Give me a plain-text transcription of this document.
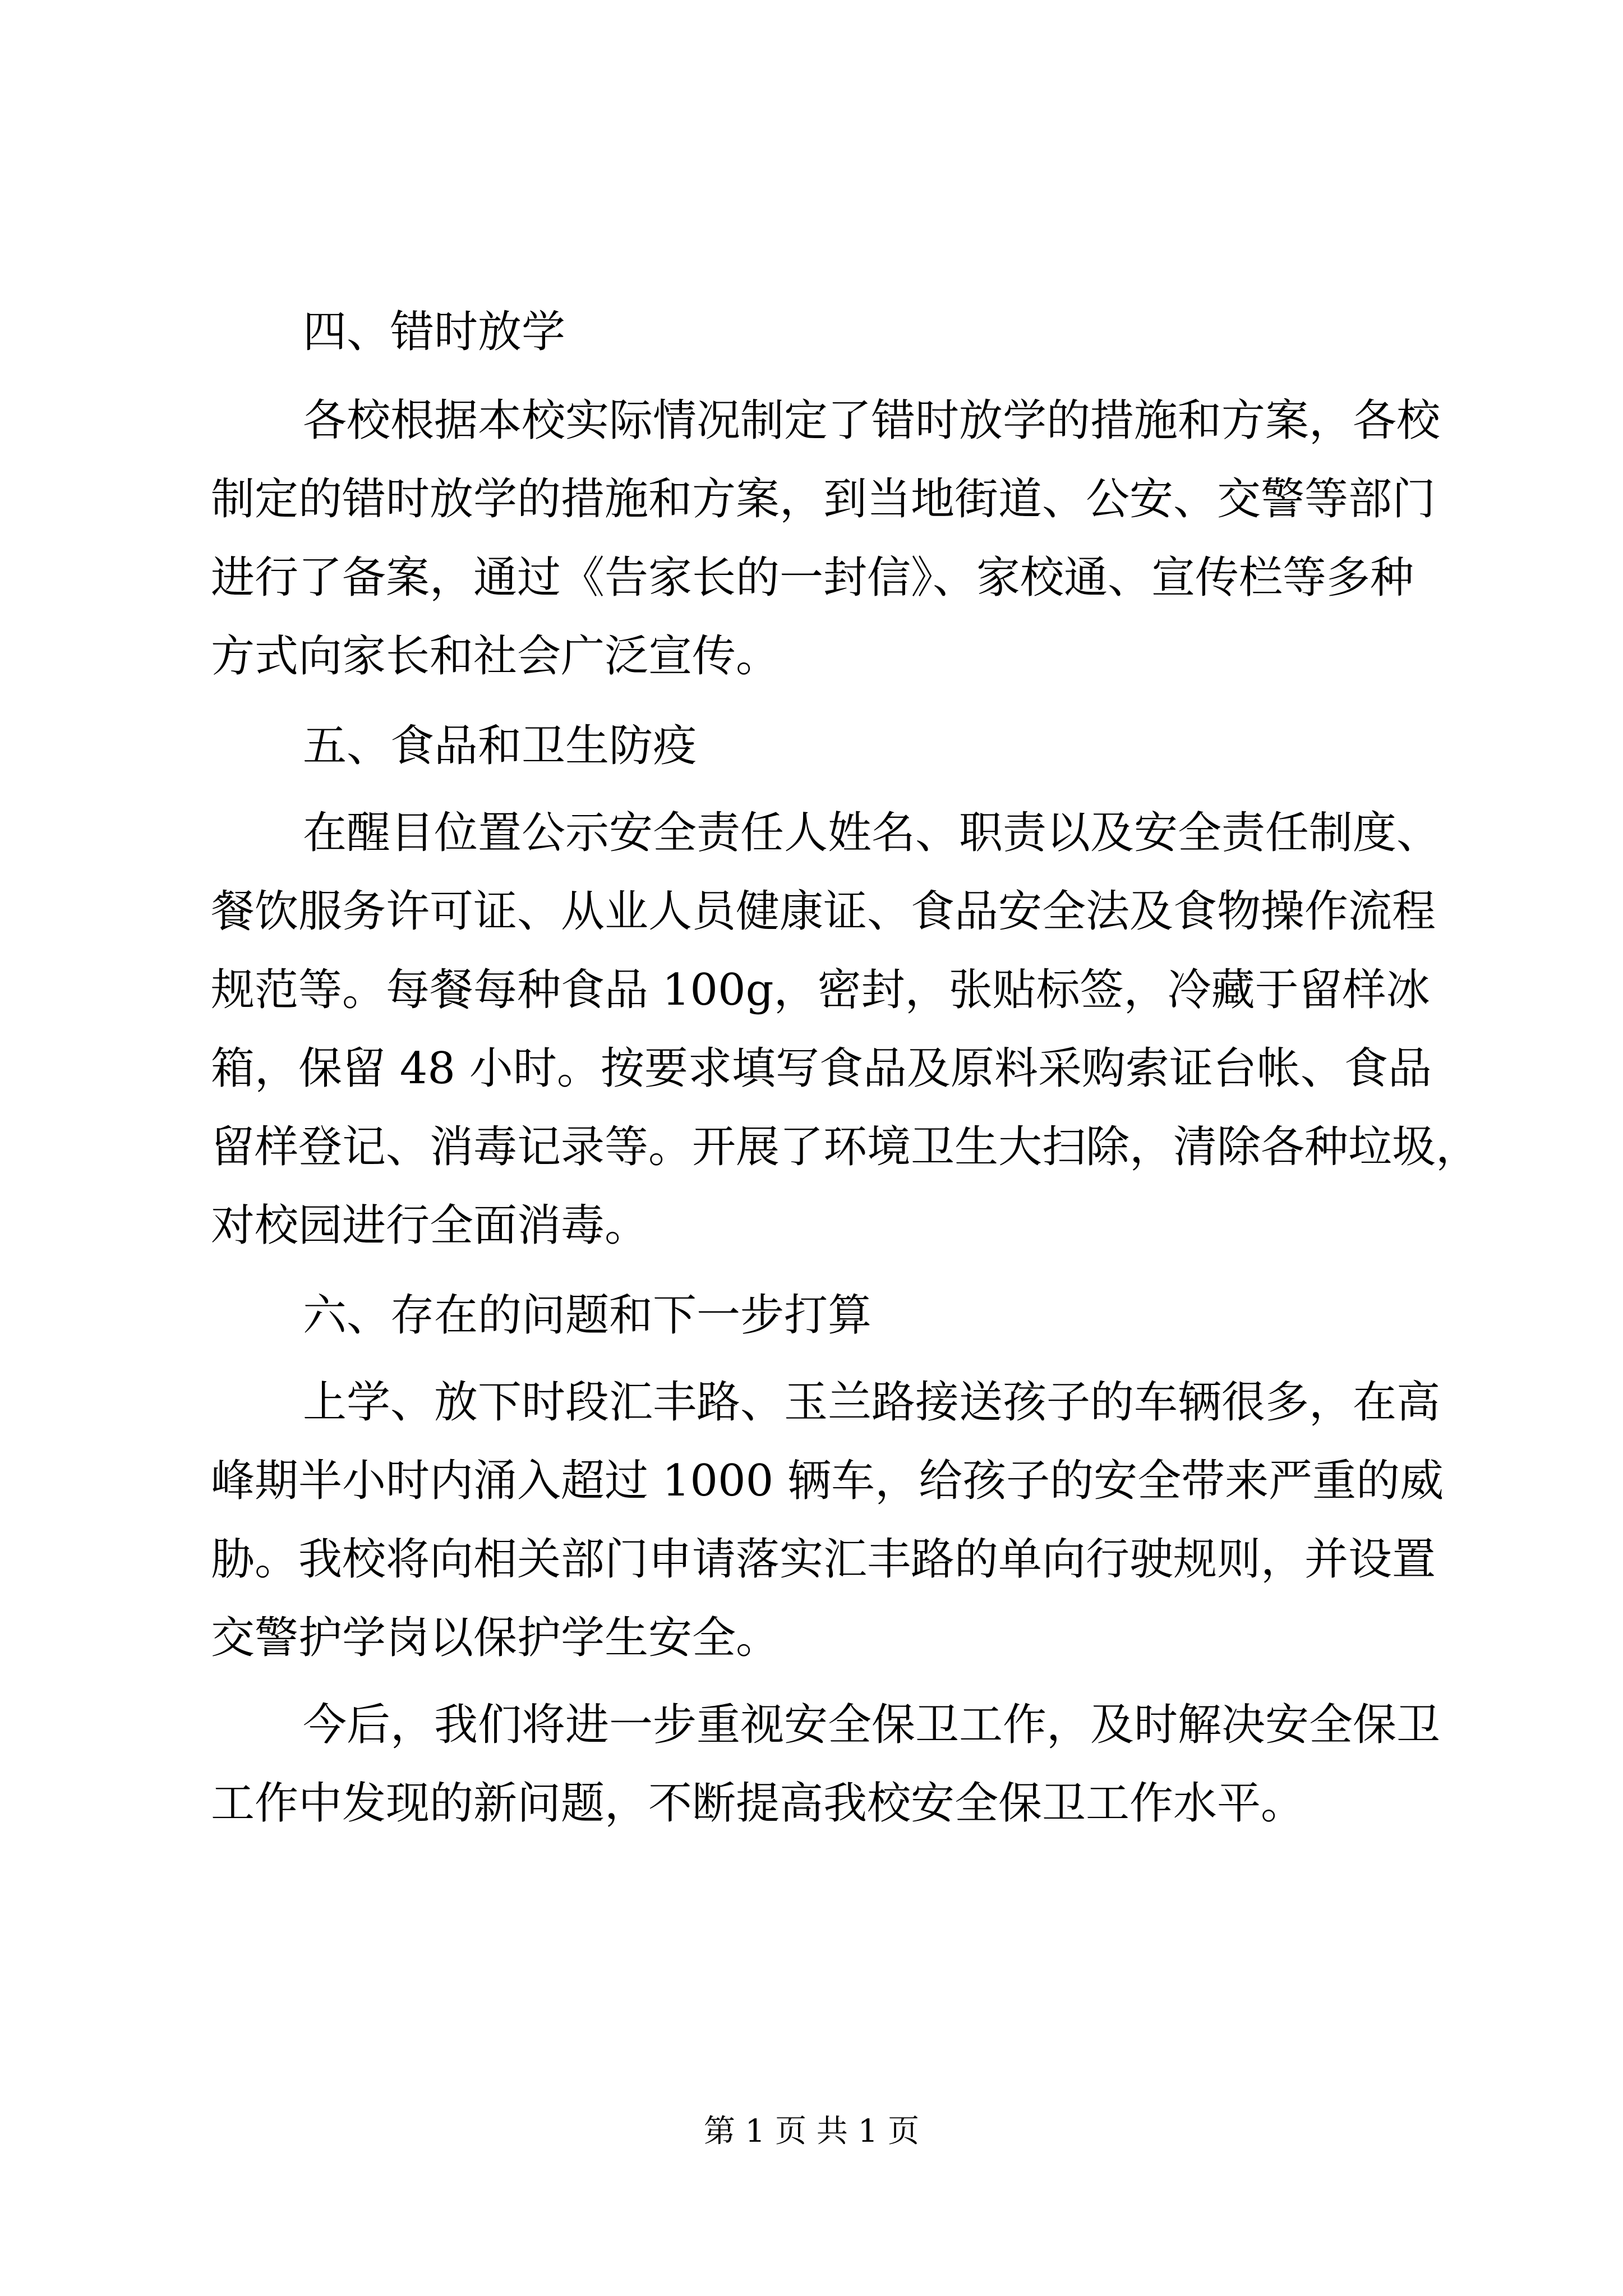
四、错时放学
各校根据本校实际情况制定了错时放学的措施和方案，各校
制定的错时放学的措施和方案，到当地街道、公安、交警等部门
进行了备案，通过《告家长的一封信》、家校通、宣传栏等多种
方式向家长和社会广泛宣传。
五、食品和卫生防疫
在醒目位置公示安全责任人姓名、职责以及安全责任制度、
餐饮服务许可证、从业人员健康证、食品安全法及食物操作流程
规范等。每餐每种食品 100g，密封，张贴标签，冷藏于留样冰
箱，保留 48 小时。按要求填写食品及原料采购索证台帐、食品
留样登记、消毒记录等。开展了环境卫生大扫除，清除各种垃圾，
对校园进行全面消毒。
六、存在的问题和下一步打算
上学、放下时段汇丰路、玉兰路接送孩子的车辆很多，在高
峰期半小时内涌入超过 1000 辆车，给孩子的安全带来严重的威
胁。我校将向相关部门申请落实汇丰路的单向行驶规则，并设置
交警护学岗以保护学生安全。
今后，我们将进一步重视安全保卫工作，及时解决安全保卫
工作中发现的新问题，不断提高我校安全保卫工作水平。
第 1 页 共 1 页
